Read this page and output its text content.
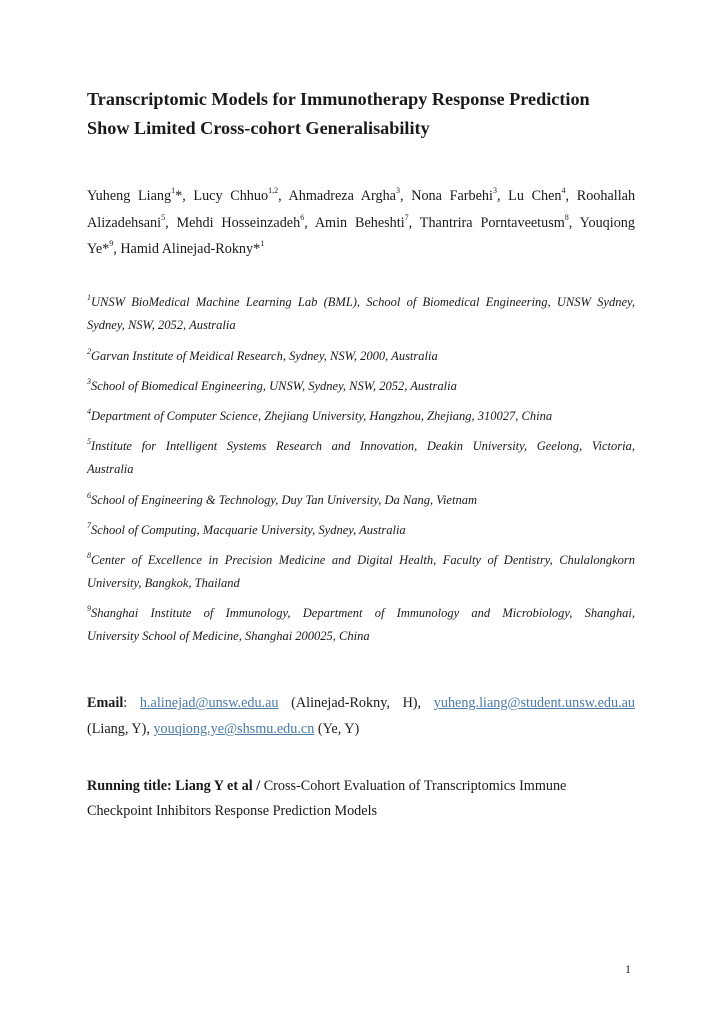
Transcriptomic Models for Immunotherapy Response Prediction
Show Limited Cross-cohort Generalisability
Yuheng Liang$^1$*, Lucy Chhuo$^{1,2}$, Ahmadreza Argha$^3$, Nona Farbehi$^3$, Lu Chen$^4$, Roohallah
Alizadehsani$^5$, Mehdi Hosseinzadeh$^6$, Amin Beheshti$^7$, Thantrira Porntaveetusm$^8$, Youqiong
Ye*$^9$, Hamid Alinejad-Rokny*$^1$
$^1$UNSW BioMedical Machine Learning Lab (BML), School of Biomedical Engineering, UNSW Sydney,
Sydney, NSW, 2052, Australia
$^2$Garvan Institute of Meidical Research, Sydney, NSW, 2000, Australia
$^3$School of Biomedical Engineering, UNSW, Sydney, NSW, 2052, Australia
$^4$Department of Computer Science, Zhejiang University, Hangzhou, Zhejiang, 310027, China
$^5$Institute for Intelligent Systems Research and Innovation, Deakin University, Geelong, Victoria,
Australia
$^6$School of Engineering & Technology, Duy Tan University, Da Nang, Vietnam
$^7$School of Computing, Macquarie University, Sydney, Australia
$^8$Center of Excellence in Precision Medicine and Digital Health, Faculty of Dentistry, Chulalongkorn
University, Bangkok, Thailand
$^9$Shanghai Institute of Immunology, Department of Immunology and Microbiology, Shanghai,
University School of Medicine, Shanghai 200025, China
Email: h.alinejad@unsw.edu.au (Alinejad-Rokny, H), yuheng.liang@student.unsw.edu.au
(Liang, Y), youqiong.ye@shsmu.edu.cn (Ye, Y)
Running title: Liang Y et al / Cross-Cohort Evaluation of Transcriptomics Immune
Checkpoint Inhibitors Response Prediction Models
1
